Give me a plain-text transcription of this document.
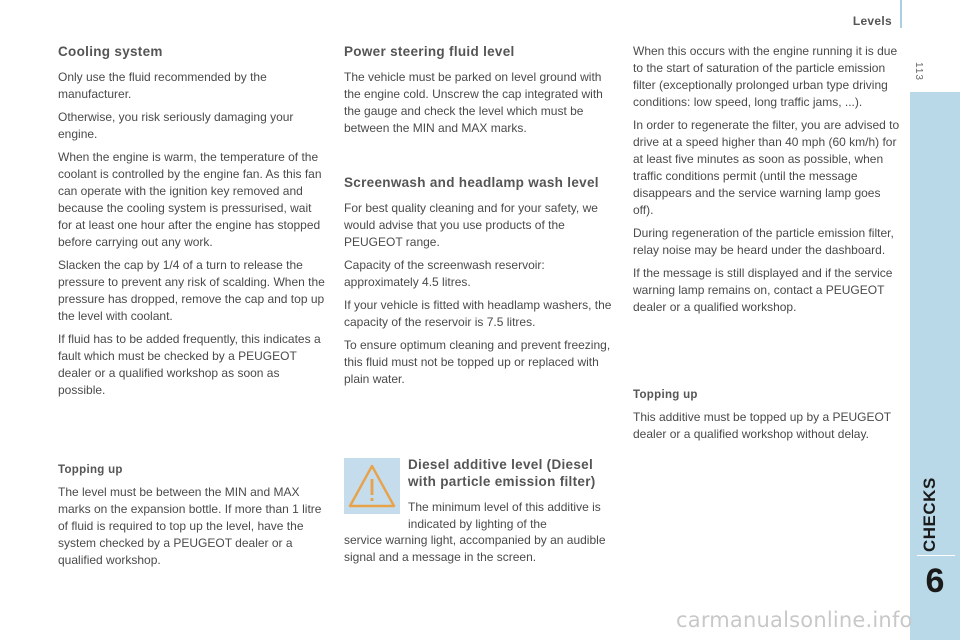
Levels
113
CHECKS
6
Cooling system

Only use the fluid recommended by the manufacturer.

Otherwise, you risk seriously damaging your engine.

When the engine is warm, the temperature of the coolant is controlled by the engine fan. As this fan can operate with the ignition key removed and because the cooling system is pressurised, wait for at least one hour after the engine has stopped before carrying out any work.

Slacken the cap by 1/4 of a turn to release the pressure to prevent any risk of scalding. When the pressure has dropped, remove the cap and top up the level with coolant.

If fluid has to be added frequently, this indicates a fault which must be checked by a PEUGEOT dealer or a qualified workshop as soon as possible.

Topping up

The level must be between the MIN and MAX marks on the expansion bottle. If more than 1 litre of fluid is required to top up the level, have the system checked by a PEUGEOT dealer or a qualified workshop.

Power steering fluid level

The vehicle must be parked on level ground with the engine cold. Unscrew the cap integrated with the gauge and check the level which must be between the MIN and MAX marks.

Screenwash and headlamp wash level

For best quality cleaning and for your safety, we would advise that you use products of the PEUGEOT range.

Capacity of the screenwash reservoir: approximately 4.5 litres.

If your vehicle is fitted with headlamp washers, the capacity of the reservoir is 7.5 litres.

To ensure optimum cleaning and prevent freezing, this fluid must not be topped up or replaced with plain water.

Diesel additive level (Diesel with particle emission filter)

The minimum level of this additive is indicated by lighting of the

service warning light, accompanied by an audible signal and a message in the screen.

When this occurs with the engine running it is due to the start of saturation of the particle emission filter (exceptionally prolonged urban type driving conditions: low speed, long traffic jams, ...).

In order to regenerate the filter, you are advised to drive at a speed higher than 40 mph (60 km/h) for at least five minutes as soon as possible, when traffic conditions permit (until the message disappears and the service warning lamp goes off).

During regeneration of the particle emission filter, relay noise may be heard under the dashboard.

If the message is still displayed and if the service warning lamp remains on, contact a PEUGEOT dealer or a qualified workshop.

Topping up

This additive must be topped up by a PEUGEOT dealer or a qualified workshop without delay.

carmanualsonline.info
